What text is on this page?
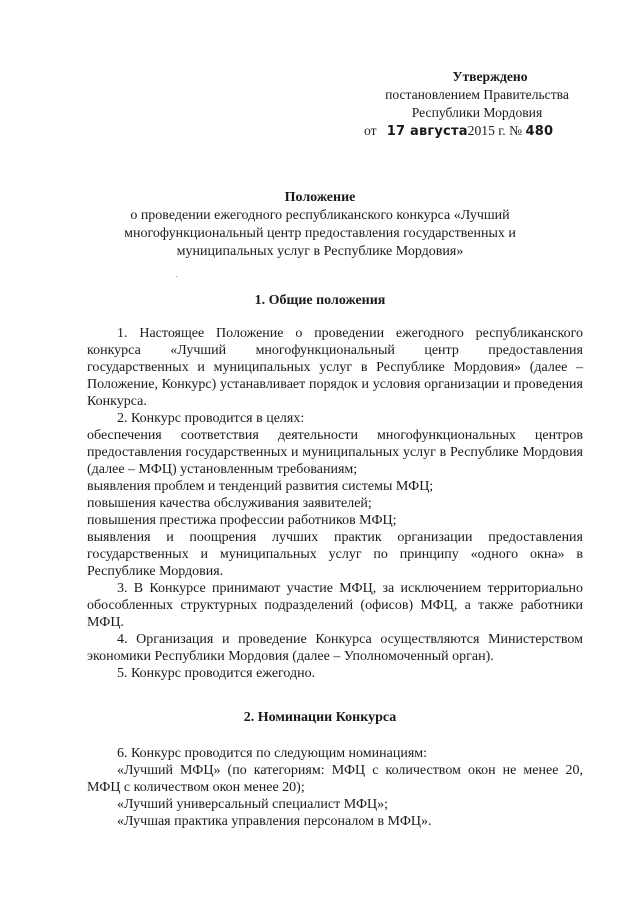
Утверждено
постановлением Правительства
Республики Мордовия
от 17 августа2015 г. № 480
Положение
о проведении ежегодного республиканского конкурса «Лучший
многофункциональный центр предоставления государственных и
муниципальных услуг в Республике Мордовия»
1. Общие положения

1. Настоящее Положение о проведении ежегодного республиканского конкурса «Лучший многофункциональный центр предоставления государственных и муниципальных услуг в Республике Мордовия» (далее – Положение, Конкурс) устанавливает порядок и условия организации и проведения Конкурса.

2. Конкурс проводится в целях:

обеспечения соответствия деятельности многофункциональных центров предоставления государственных и муниципальных услуг в Республике Мордовия (далее – МФЦ) установленным требованиям;

выявления проблем и тенденций развития системы МФЦ;

повышения качества обслуживания заявителей;

повышения престижа профессии работников МФЦ;

выявления и поощрения лучших практик организации предоставления государственных и муниципальных услуг по принципу «одного окна» в Республике Мордовия.

3. В Конкурсе принимают участие МФЦ, за исключением территориально обособленных структурных подразделений (офисов) МФЦ, а также работники МФЦ.

4. Организация и проведение Конкурса осуществляются Министерством экономики Республики Мордовия (далее – Уполномоченный орган).

5. Конкурс проводится ежегодно.

2. Номинации Конкурса

6. Конкурс проводится по следующим номинациям:

«Лучший МФЦ» (по категориям: МФЦ с количеством окон не менее 20, МФЦ с количеством окон менее 20);

«Лучший универсальный специалист МФЦ»;

«Лучшая практика управления персоналом в МФЦ».
